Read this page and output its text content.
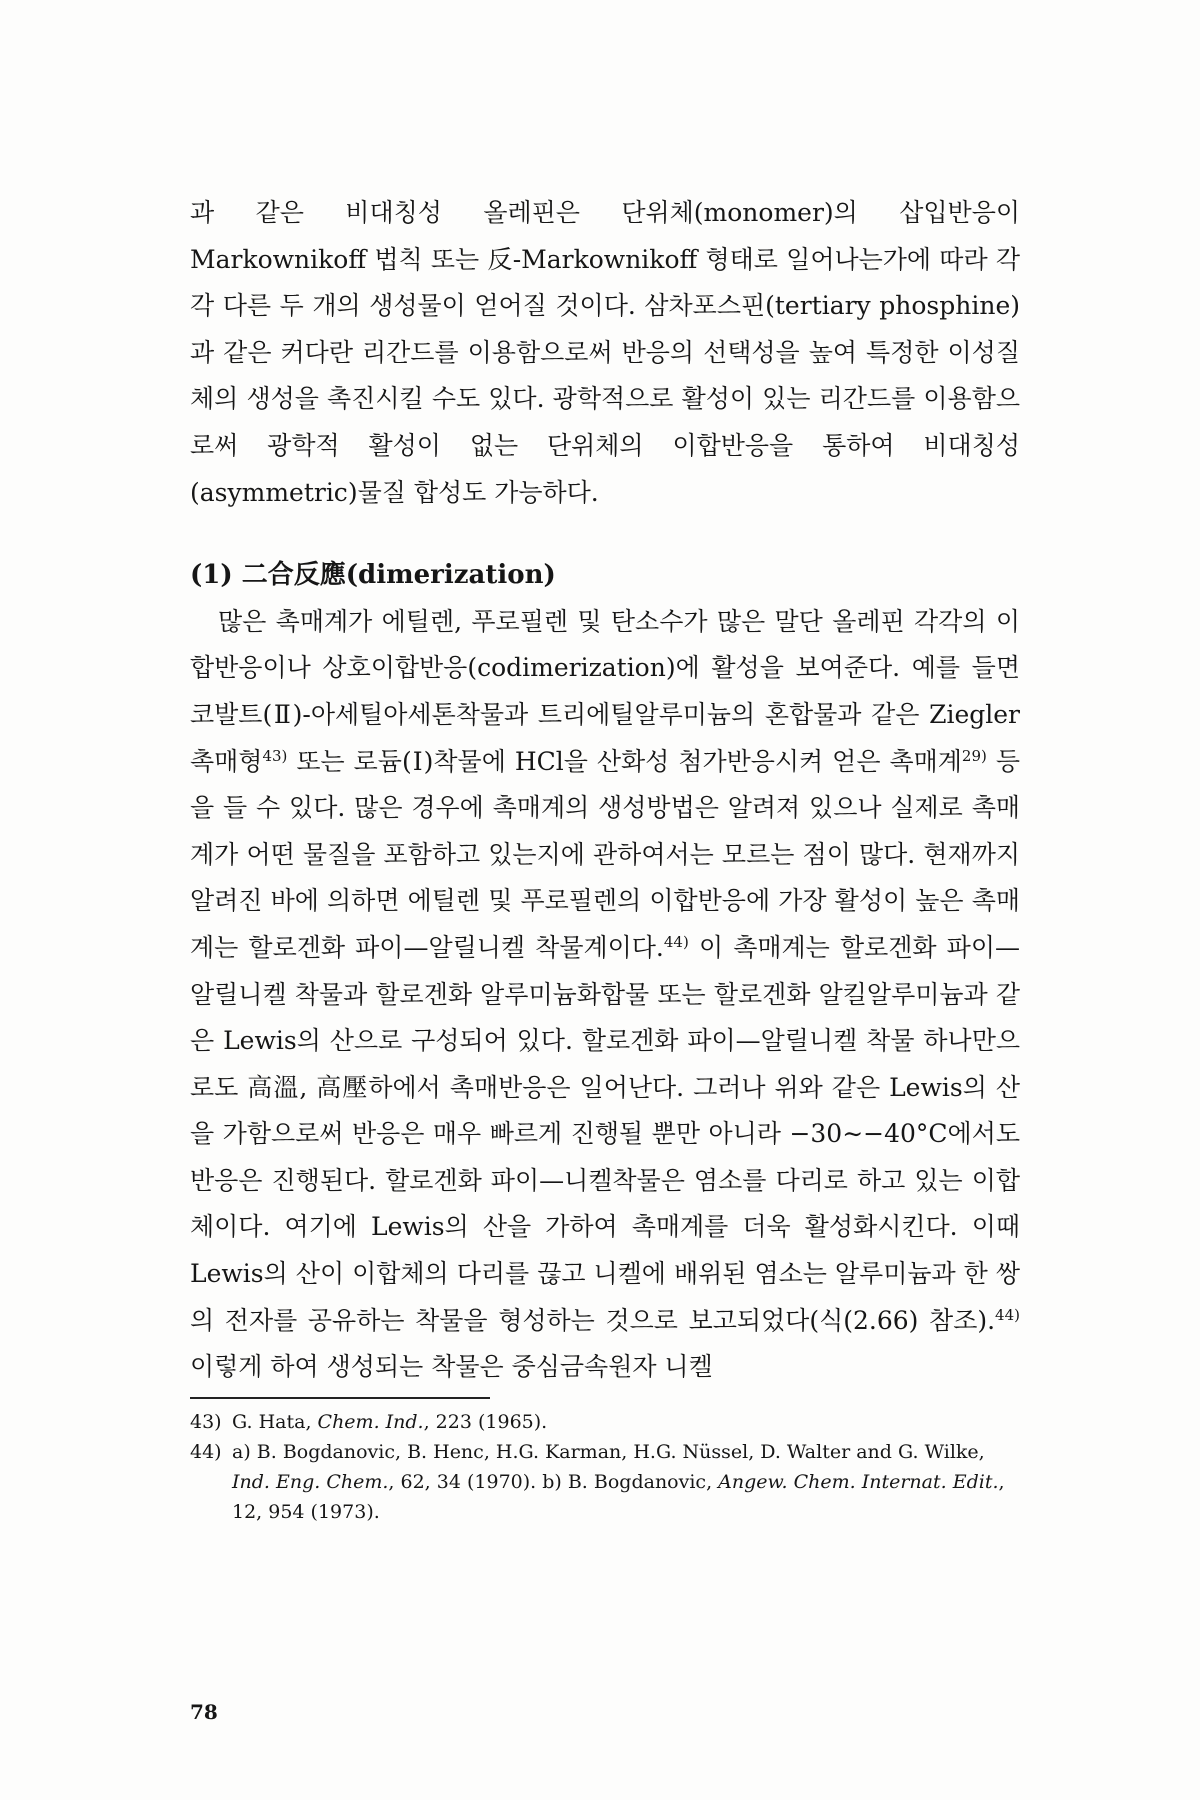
과 같은 비대칭성 올레핀은 단위체(monomer)의 삽입반응이 Markownikoff 법칙 또는 反-Markownikoff 형태로 일어나는가에 따라 각각 다른 두 개의 생성물이 얻어질 것이다. 삼차포스핀(tertiary phosphine)과 같은 커다란 리간드를 이용함으로써 반응의 선택성을 높여 특정한 이성질체의 생성을 촉진시킬 수도 있다. 광학적으로 활성이 있는 리간드를 이용함으로써 광학적 활성이 없는 단위체의 이합반응을 통하여 비대칭성(asymmetric)물질 합성도 가능하다.

(1) 二合反應(dimerization)

많은 촉매계가 에틸렌, 푸로필렌 및 탄소수가 많은 말단 올레핀 각각의 이합반응이나 상호이합반응(codimerization)에 활성을 보여준다. 예를 들면 코발트(Ⅱ)-아세틸아세톤착물과 트리에틸알루미늄의 혼합물과 같은 Ziegler 촉매형$^{43)}$ 또는 로듐(Ⅰ)착물에 HCl을 산화성 첨가반응시켜 얻은 촉매계$^{29)}$ 등을 들 수 있다. 많은 경우에 촉매계의 생성방법은 알려져 있으나 실제로 촉매계가 어떤 물질을 포함하고 있는지에 관하여서는 모르는 점이 많다. 현재까지 알려진 바에 의하면 에틸렌 및 푸로필렌의 이합반응에 가장 활성이 높은 촉매계는 할로겐화 파이—알릴니켈 착물계이다.$^{44)}$ 이 촉매계는 할로겐화 파이—알릴니켈 착물과 할로겐화 알루미늄화합물 또는 할로겐화 알킬알루미늄과 같은 Lewis의 산으로 구성되어 있다. 할로겐화 파이—알릴니켈 착물 하나만으로도 高溫, 高壓하에서 촉매반응은 일어난다. 그러나 위와 같은 Lewis의 산을 가함으로써 반응은 매우 빠르게 진행될 뿐만 아니라 −30∼−40°C에서도 반응은 진행된다. 할로겐화 파이—니켈착물은 염소를 다리로 하고 있는 이합체이다. 여기에 Lewis의 산을 가하여 촉매계를 더욱 활성화시킨다. 이때 Lewis의 산이 이합체의 다리를 끊고 니켈에 배위된 염소는 알루미늄과 한 쌍의 전자를 공유하는 착물을 형성하는 것으로 보고되었다(식(2.66) 참조).$^{44)}$ 이렇게 하여 생성되는 착물은 중심금속원자 니켈

43) G. Hata, Chem. Ind., 223 (1965).
44) a) B. Bogdanovic, B. Henc, H.G. Karman, H.G. Nüssel, D. Walter and G. Wilke, Ind. Eng. Chem., 62, 34 (1970). b) B. Bogdanovic, Angew. Chem. Internat. Edit., 12, 954 (1973).
78
